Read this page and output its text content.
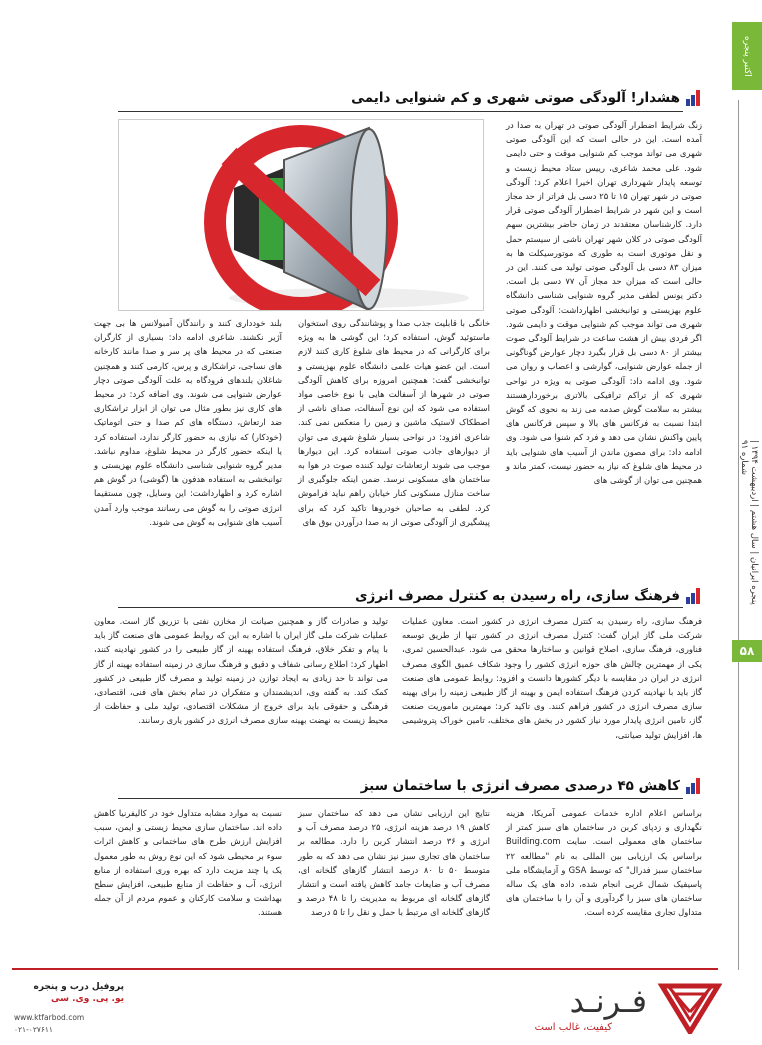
اکتبر پنجره
پنجره ایرانیان | سال هشتم | اردیبهشت ۱۳۹۴ | شماره ۹۱
۵۸
هشدار! آلودگی صوتی شهری و کم شنوایی دایمی
زنگ شرایط اضطرار آلودگی صوتی در تهران به صدا در آمده است. این در حالی است که این آلودگی صوتی شهری می تواند موجب کم شنوایی موقت و حتی دایمی شود. علی محمد شاعری، رییس ستاد محیط زیست و توسعه پایدار شهرداری تهران اخیرا اعلام کرد: آلودگی صوتی در شهر تهران ۱۵ تا ۲۵ دسی بل فراتر از حد مجاز است و این شهر در شرایط اضطرار آلودگی صوتی قرار دارد. کارشناسان معتقدند در زمان حاضر بیشترین سهم آلودگی صوتی در کلان شهر تهران ناشی از سیستم حمل و نقل موتوری است به طوری که موتورسیکلت ها به میزان ۸۳ دسی بل آلودگی صوتی تولید می کنند. این در حالی است که میزان حد مجاز آن ۷۷ دسی بل است. دکتر یونس لطفی مدیر گروه شنوایی شناسی دانشگاه علوم بهزیستی و توانبخشی اظهارداشت: آلودگی صوتی شهری می تواند موجب کم شنوایی موقت و دایمی شود. اگر فردی بیش از هشت ساعت در شرایط آلودگی صوت بیشتر از ۸۰ دسی بل قرار بگیرد دچار عوارض گوناگونی از جمله عوارض شنوایی، گوارشی و اعصاب و روان می شود. وی ادامه داد: آلودگی صوتی به ویژه در نواحی شهری که از تراکم ترافیکی بالاتری برخوردارهستند بیشتر به سلامت گوش صدمه می زند به نحوی که گوش ابتدا نسبت به فرکانس های بالا و سپس فرکانس های پایین واکنش نشان می دهد و فرد کم شنوا می شود. وی ادامه داد: برای مصون ماندن از آسیب های شنوایی باید در محیط های شلوغ که نیاز به حضور نیست، کمتر ماند و همچنین می توان از گوشی های
خانگی با قابلیت جذب صدا و پوشانندگی روی استخوان ماستوئید گوش، استفاده کرد؛ این گوشی ها به ویژه برای کارگرانی که در محیط های شلوغ کاری کنند لازم است. این عضو هیات علمی دانشگاه علوم بهزیستی و توانبخشی گفت: همچنین امروزه برای کاهش آلودگی صوتی در شهرها از آسفالت هایی با نوع خاصی مواد استفاده می شود که این نوع آسفالت، صدای ناشی از اصطکاک لاستیک ماشین و زمین را منعکس نمی کند. شاعری افزود: در نواحی بسیار شلوغ شهری می توان از دیوارهای جاذب صوتی استفاده کرد. این دیوارها موجب می شوند ارتعاشات تولید کننده صوت در هوا به ساختمان های مسکونی نرسد. ضمن اینکه جلوگیری از ساخت منازل مسکونی کنار خیابان راهم نباید فراموش کرد. لطفی به صاحبان خودروها تاکید کرد که برای پیشگیری از آلودگی صوتی از به صدا درآوردن بوق های
بلند خودداری کنند و رانندگان آمبولانس ها بی جهت آژیر نکشند. شاعری ادامه داد: بسیاری از کارگران صنعتی که در محیط های پر سر و صدا مانند کارخانه های نساجی، تراشکاری و پرس، کارمی کنند و همچنین شاغلان بلندهای فرودگاه به علت آلودگی صوتی دچار عوارض شنوایی می شوند. وی اضافه کرد: در محیط های کاری نیز بطور مثال می توان از ابزار تراشکاری ضد ارتعاش، دستگاه های کم صدا و حتی اتوماتیک (خودکار) که نیازی به حضور کارگر ندارد، استفاده کرد یا اینکه حضور کارگر در محیط شلوغ، مداوم نباشد. مدیر گروه شنوایی شناسی دانشگاه علوم بهزیستی و توانبخشی به استفاده هدفون ها (گوشی) در گوش هم اشاره کرد و اظهارداشت: این وسایل، چون مستقیما انرژی صوتی را به گوش می رسانند موجب وارد آمدن آسیب های شنوایی به گوش می شوند.
فرهنگ سازی، راه رسیدن به کنترل مصرف انرژی
فرهنگ سازی، راه رسیدن به کنترل مصرف انرژی در کشور است. معاون عملیات شرکت ملی گاز ایران گفت: کنترل مصرف انرژی در کشور تنها از طریق توسعه فناوری، فرهنگ سازی، اصلاح قوانین و ساختارها محقق می شود. عبدالحسین ثمری، یکی از مهمترین چالش های حوزه انرژی کشور را وجود شکاف عمیق الگوی مصرف انرژی در ایران در مقایسه با دیگر کشورها دانست و افزود: روابط عمومی های صنعت گاز باید با نهادینه کردن فرهنگ استفاده ایمن و بهینه از گاز طبیعی زمینه را برای بهینه سازی مصرف انرژی در کشور فراهم کنند. وی تاکید کرد: مهمترین ماموریت صنعت گاز، تامین انرژی پایدار مورد نیاز کشور در بخش های مختلف، تامین خوراک پتروشیمی ها، افزایش تولید صیانتی،
تولید و صادرات گاز و همچنین صیانت از مخازن نفتی با تزریق گاز است. معاون عملیات شرکت ملی گاز ایران با اشاره به این که روابط عمومی های صنعت گاز باید با پیام و تفکر خلاق، فرهنگ استفاده بهینه از گاز طبیعی را در کشور نهادینه کنند، اظهار کرد: اطلاع رسانی شفاف و دقیق و فرهنگ سازی در زمینه استفاده بهینه از گاز می تواند تا حد زیادی به ایجاد توازن در زمینه تولید و مصرف گاز طبیعی در کشور کمک کند. به گفته وی، اندیشمندان و متفکران در تمام بخش های فنی، اقتصادی، فرهنگی و حقوقی باید برای خروج از مشکلات اقتصادی، تولید ملی و حفاظت از محیط زیست به نهضت بهینه سازی مصرف انرژی در کشور یاری رسانند.
کاهش ۴۵ درصدی مصرف انرژی با ساختمان سبز
براساس اعلام اداره خدمات عمومی آمریکا، هزینه نگهداری و زدپای کربن در ساختمان های سبز کمتر از ساختمان های معمولی است. سایت Building.com براساس یک ارزیابی بین المللی به نام "مطالعه ۲۲ ساختمان سبز فدرال" که توسط GSA و آزمایشگاه ملی پاسیفیک شمال غربی انجام شده، داده های یک ساله ساختمان های سبز را گردآوری و آن را با ساختمان های متداول تجاری مقایسه کرده است.
نتایج این ارزیابی نشان می دهد که ساختمان سبز کاهش ۱۹ درصد هزینه انرژی، ۲۵ درصد مصرف آب و انرژی و ۳۶ درصد انتشار کربن را دارد. مطالعه بر ساختمان های تجاری سبز نیز نشان می دهد که به طور متوسط ۵۰ تا ۸۰ درصد انتشار گازهای گلخانه ای، مصرف آب و ضایعات جامد کاهش یافته است و انتشار گازهای گلخانه ای مربوط به مدیریت را تا ۴۸ درصد و گازهای گلخانه ای مرتبط با حمل و نقل را تا ۵ درصد
نسبت به موارد مشابه متداول خود در کالیفرنیا کاهش داده اند. ساختمان سازی محیط زیستی و ایمن، سبب افزایش ارزش طرح های ساختمانی و کاهش اثرات سوء بر محیطی شود که این نوع روش به طور معمول یک یا چند مزیت دارد که بهره وری استفاده از منابع انرژی، آب و حفاظت از منابع طبیعی، افزایش سطح بهداشت و سلامت کارکنان و عموم مردم از آن جمله هستند.
فـرنـد
کیفیت، غالب است
پروفیل درب و پنجره
یو. پی. وی. سی
www.ktfarbod.com
۰۲۱-۰۲۷۶۱۱
